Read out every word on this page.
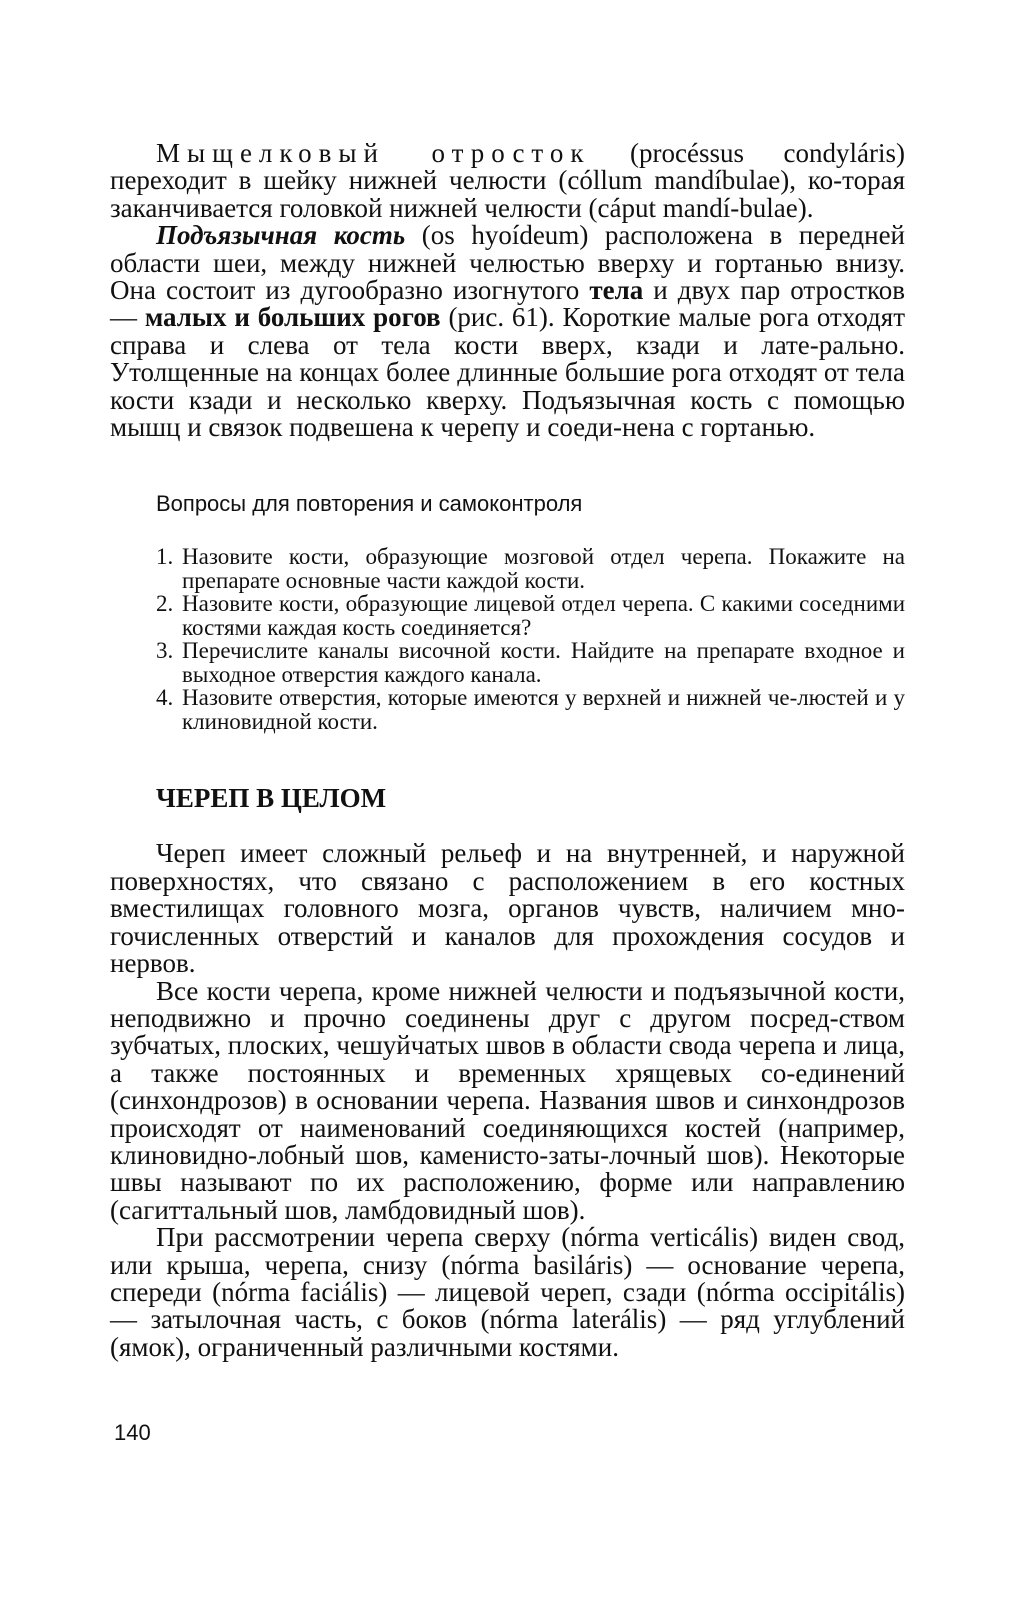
Мыщелковый отросток (procéssus condyláris) переходит в шейку нижней челюсти (cóllum mandíbulae), ко-торая заканчивается головкой нижней челюсти (cáput mandí-bulae).

Подъязычная кость (os hyoídeum) расположена в передней области шеи, между нижней челюстью вверху и гортанью внизу. Она состоит из дугообразно изогнутого тела и двух пар отростков — малых и больших рогов (рис. 61). Короткие малые рога отходят справа и слева от тела кости вверх, кзади и лате-рально. Утолщенные на концах более длинные большие рога отходят от тела кости кзади и несколько кверху. Подъязычная кость с помощью мышц и связок подвешена к черепу и соеди-нена с гортанью.

Вопросы для повторения и самоконтроля
1. Назовите кости, образующие мозговой отдел черепа. Покажите на препарате основные части каждой кости.
2. Назовите кости, образующие лицевой отдел черепа. С какими соседними костями каждая кость соединяется?
3. Перечислите каналы височной кости. Найдите на препарате входное и выходное отверстия каждого канала.
4. Назовите отверстия, которые имеются у верхней и нижней че-люстей и у клиновидной кости.
ЧЕРЕП В ЦЕЛОМ

Череп имеет сложный рельеф и на внутренней, и наружной поверхностях, что связано с расположением в его костных вместилищах головного мозга, органов чувств, наличием мно-гочисленных отверстий и каналов для прохождения сосудов и нервов.

Все кости черепа, кроме нижней челюсти и подъязычной кости, неподвижно и прочно соединены друг с другом посред-ством зубчатых, плоских, чешуйчатых швов в области свода черепа и лица, а также постоянных и временных хрящевых со-единений (синхондрозов) в основании черепа. Названия швов и синхондрозов происходят от наименований соединяющихся костей (например, клиновидно-лобный шов, каменисто-заты-лочный шов). Некоторые швы называют по их расположению, форме или направлению (сагиттальный шов, ламбдовидный шов).

При рассмотрении черепа сверху (nórma verticális) виден свод, или крыша, черепа, снизу (nórma basiláris) — основание черепа, спереди (nórma faciális) — лицевой череп, сзади (nórma occipitális) — затылочная часть, с боков (nórma laterális) — ряд углублений (ямок), ограниченный различными костями.

140
